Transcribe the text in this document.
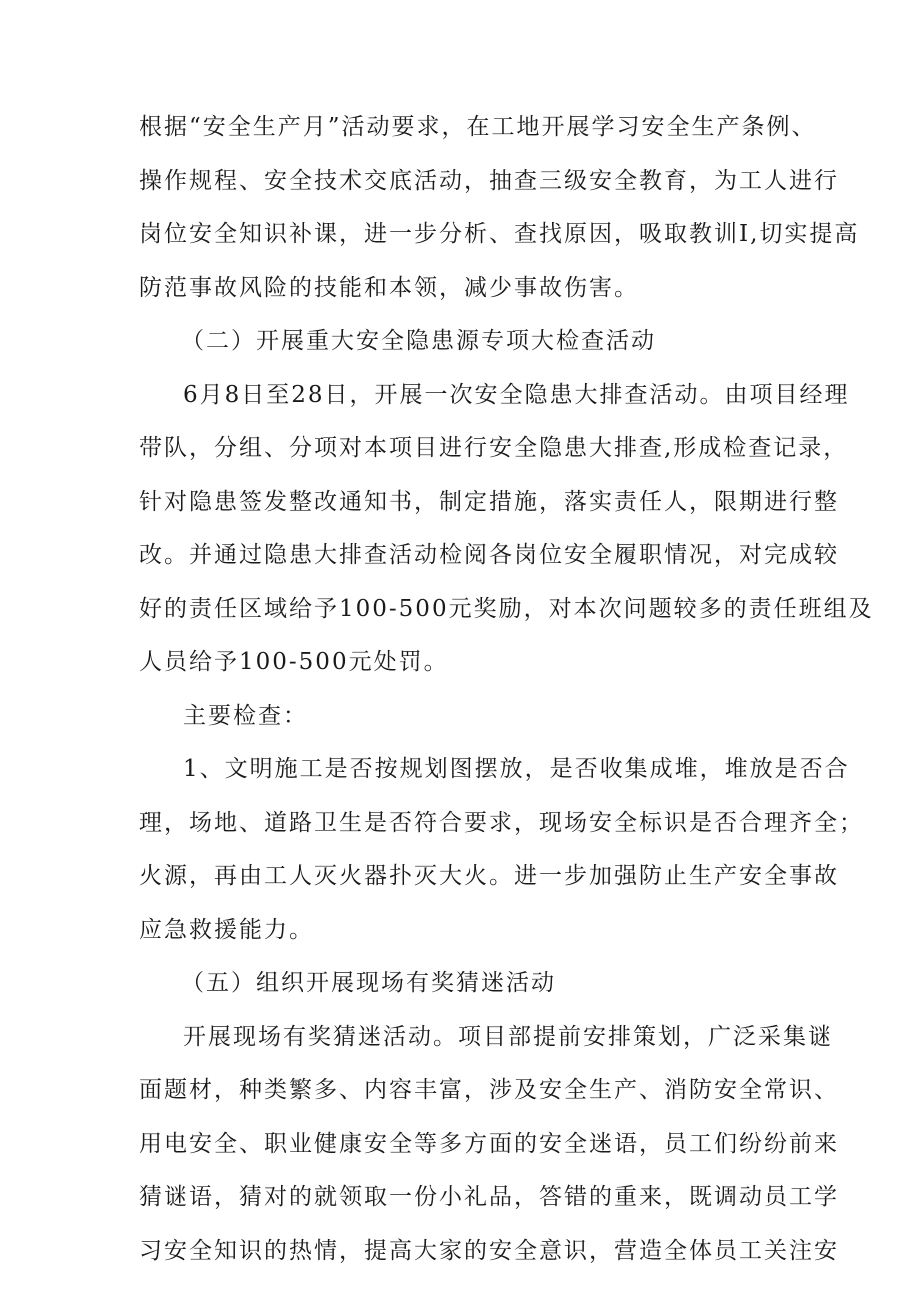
根据“安全生产月”活动要求，在工地开展学习安全生产条例、
操作规程、安全技术交底活动，抽查三级安全教育，为工人进行
岗位安全知识补课，进一步分析、查找原因，吸取教训I,切实提高
防范事故风险的技能和本领，减少事故伤害。
（二）开展重大安全隐患源专项大检查活动
6月8日至28日，开展一次安全隐患大排查活动。由项目经理
带队，分组、分项对本项目进行安全隐患大排查,形成检查记录，
针对隐患签发整改通知书，制定措施，落实责任人，限期进行整
改。并通过隐患大排查活动检阅各岗位安全履职情况，对完成较
好的责任区域给予100-500元奖励，对本次问题较多的责任班组及
人员给予100-500元处罚。
主要检查：
1、文明施工是否按规划图摆放，是否收集成堆，堆放是否合
理，场地、道路卫生是否符合要求，现场安全标识是否合理齐全；
火源，再由工人灭火器扑灭大火。进一步加强防止生产安全事故
应急救援能力。
（五）组织开展现场有奖猜迷活动
开展现场有奖猜迷活动。项目部提前安排策划，广泛采集谜
面题材，种类繁多、内容丰富，涉及安全生产、消防安全常识、
用电安全、职业健康安全等多方面的安全迷语，员工们纷纷前来
猜谜语，猜对的就领取一份小礼品，答错的重来，既调动员工学
习安全知识的热情，提高大家的安全意识，营造全体员工关注安
